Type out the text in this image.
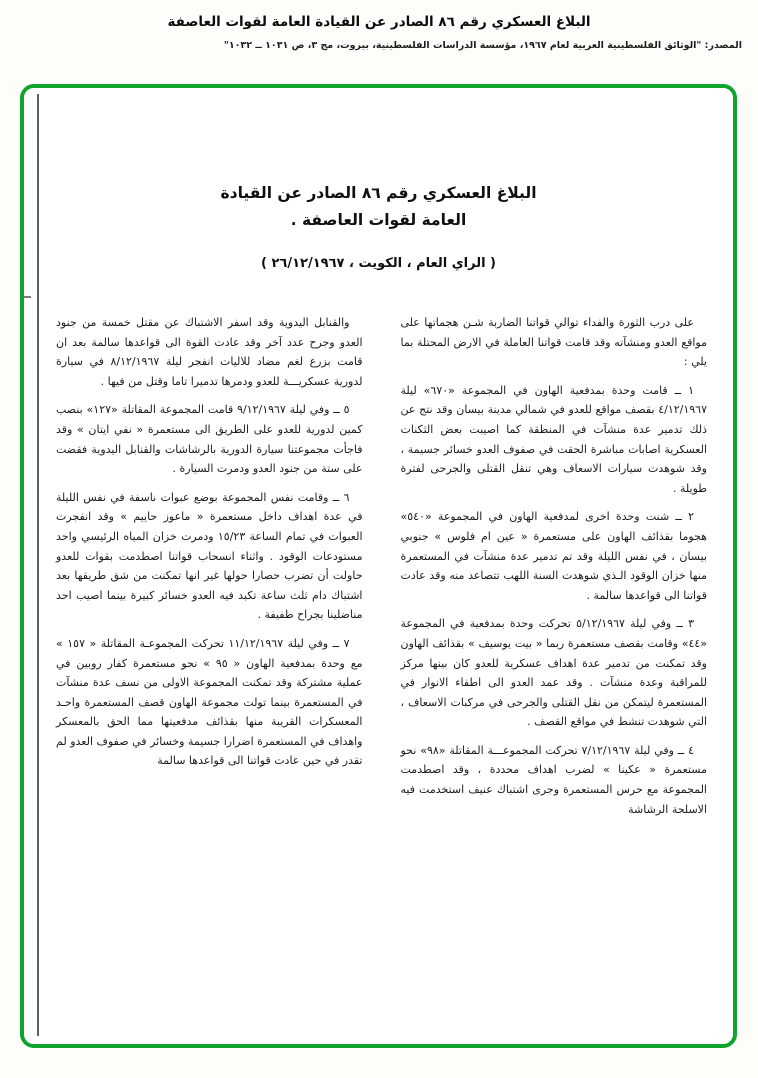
البلاغ العسكري رقم ٨٦ الصادر عن القيادة العامة لقوات العاصفة
المصدر: "الوثائق الفلسطينية العربية لعام ١٩٦٧، مؤسسة الدراسات الفلسطينية، بيروت، مج ٣، ص ١٠٣١ ــ ١٠٣٢"
البلاغ العسكري رقم ٨٦ الصادر عن القيادة
العامة لقوات العاصفة .
( الراي العام ، الكويت ، ٢٦/١٢/١٩٦٧ )

على درب الثورة والفداء توالي قواتنا الضاربة شـن هجماتها على مواقع العدو ومنشآته وقد قامت قواتنا العاملة في الارض المحتلة بما يلي :

١ ــ قامت وحدة بمدفعية الهاون في المجموعة «٦٧٠» ليلة ٤/١٢/١٩٦٧ بقصف مواقع للعدو في شمالي مدينة بيسان وقد نتج عن ذلك تدمير عدة منشآت في المنطقة كما اصيبت بعض الثكنات العسكرية اصابات مباشرة الحقت في صفوف العدو خسائر جسيمة ، وقد شوهدت سيارات الاسعاف وهي تنقل القتلى والجرحى لفترة طويلة .

٢ ــ شنت وحدة اخرى لمدفعية الهاون في المجموعة «٥٤٠» هجوما بقذائف الهاون على مستعمرة « عين ام فلوس » جنوبي بيسان ، في نفس الليلة وقد تم تدمير عدة منشآت في المستعمرة منها خزان الوقود الـذي شوهدت السنة اللهب تتصاعد منه وقد عادت قواتنا الى قواعدها سالمة .

٣ ــ وفي ليلة ٥/١٢/١٩٦٧ تحركت وحدة بمدفعية في المجموعة «٤٤» وقامت بقصف مستعمرة ربما « بيت يوسيف » بقذائف الهاون وقد تمكنت من تدمير عدة اهداف عسكرية للعدو كان بينها مركز للمراقبة وعدة منشآت . وقد عمد العدو الى اطفاء الانوار في المستعمرة ليتمكن من نقل القتلى والجرحى في مركبات الاسعاف ، التي شوهدت تنشط في مواقع القصف .

٤ ــ وفي ليلة ٧/١٢/١٩٦٧ تحركت المجموعـــة المقاتلة «٩٨» نحو مستعمرة « عكينا » لضرب اهداف محددة ، وقد اصطدمت المجموعة مع حرس المستعمرة وجرى اشتباك عنيف استخدمت فيه الاسلحة الرشاشة

والقنابل اليدوية وقد اسفر الاشتباك عن مقتل خمسة من جنود العدو وجرح عدد آخر وقد عادت القوة الى قواعدها سالمة بعد ان قامت بزرع لغم مضاد للاليات انفجر ليلة ٨/١٢/١٩٦٧ في سيارة لدورية عسكريـــة للعدو ودمرها تدميرا تاما وقتل من فيها .

٥ ــ وفي ليلة ٩/١٢/١٩٦٧ قامت المجموعة المقاتلة «١٢٧» بنصب كمين لدورية للعدو على الطريق الى مستعمرة « نفي ايتان » وقد فاجأت مجموعتنا سيارة الدورية بالرشاشات والقنابل اليدوية فقضت على ستة من جنود العدو ودمرت السيارة .

٦ ــ وقامت نفس المجموعة بوضع عبوات ناسفة في نفس الليلة في عدة اهداف داخل مستعمرة « ماعوز حاييم » وقد انفجرت العبوات في تمام الساعة ١٥/٢٣ ودمرت خزان المياه الرئيسي واحد مستودعات الوقود . واثناء انسحاب قواتنا اصطدمت بقوات للعدو حاولت أن تضرب حصارا حولها غير انها تمكنت من شق طريقها بعد اشتباك دام ثلث ساعة تكبد فيه العدو خسائر كبيرة بينما اصيب احد مناضلينا بجراح طفيفة .

٧ ــ وفي ليلة ١١/١٢/١٩٦٧ تحركت المجموعـة المقاتلة « ١٥٧ » مع وحدة بمدفعية الهاون « ٩٥ » نحو مستعمرة كفار روبين في عملية مشتركة وقد تمكنت المجموعة الاولى من نسف عدة منشآت في المستعمرة بينما تولت مجموعة الهاون قصف المستعمرة واحـد المعسكرات القريبة منها بقذائف مدفعيتها مما الحق بالمعسكر واهداف في المستعمرة اضرارا جسيمة وخسائر في صفوف العدو لم تقدر في حين عادت قواتنا الى قواعدها سالمة
